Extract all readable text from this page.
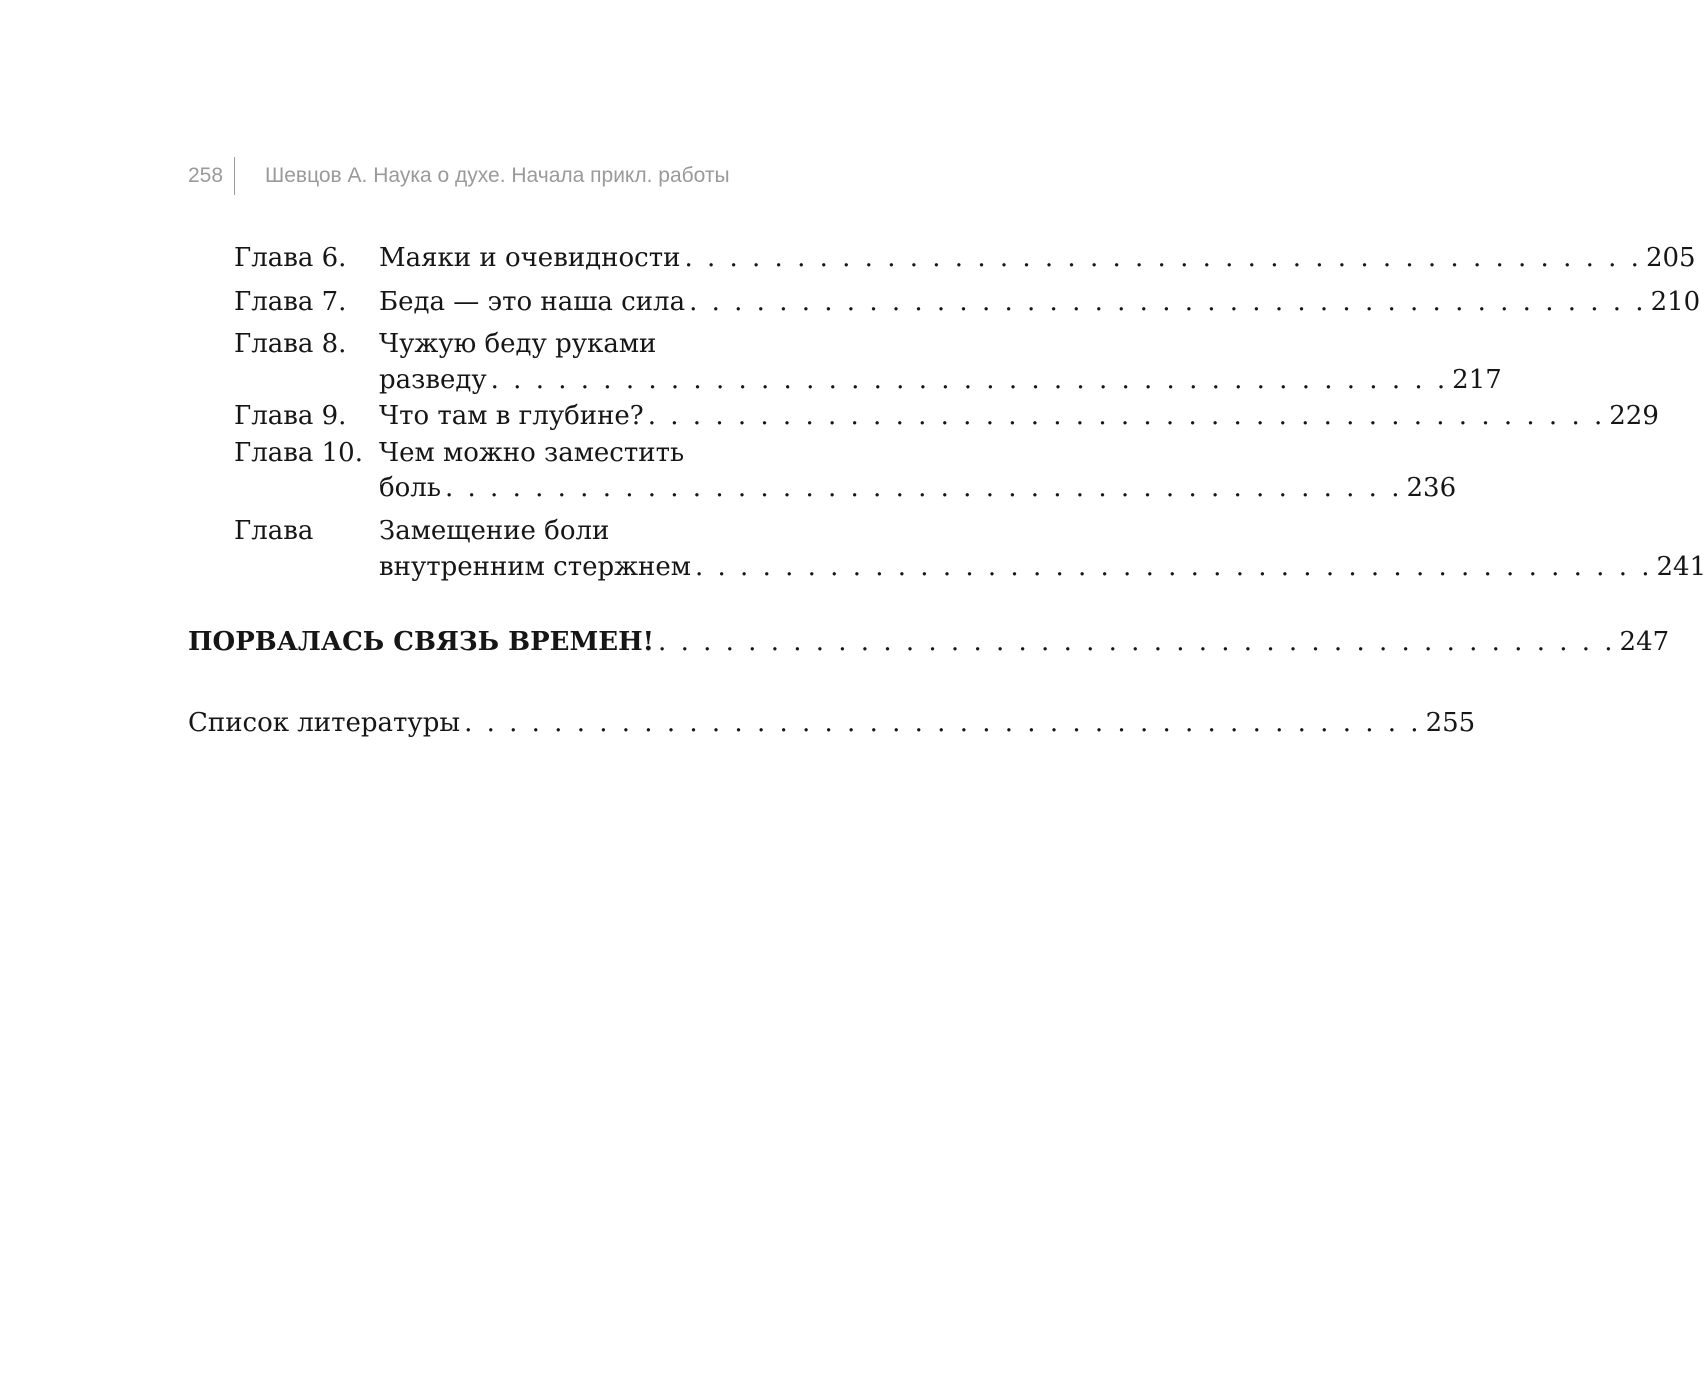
258	Шевцов А. Наука о духе. Начала прикл. работы
Глава 6. Маяки и очевидности . . . . . . . . . . . . . . . . . . . . . . . . . . . . . . . . . . . . . . . . . . . 205
Глава 7. Беда — это наша сила . . . . . . . . . . . . . . . . . . . . . . . . . . . . . . . . . . . . . . . . . . . 210
Глава 8. Чужую беду руками
разведу . . . . . . . . . . . . . . . . . . . . . . . . . . . . . . . . . . . . . . . . . . . 217
Глава 9. Что там в глубине? . . . . . . . . . . . . . . . . . . . . . . . . . . . . . . . . . . . . . . . . . . . 229
Глава 10. Чем можно заместить
боль . . . . . . . . . . . . . . . . . . . . . . . . . . . . . . . . . . . . . . . . . . . 236
Глава	Замещение боли
внутренним стержнем . . . . . . . . . . . . . . . . . . . . . . . . . . . . . . . . . . . . . . . . . . . 241
ПОРВАЛАСЬ СВЯЗЬ ВРЕМЕН! . . . . . . . . . . . . . . . . . . . . . . . . . . . . . . . . . . . . . . . . . . . 247
Список литературы . . . . . . . . . . . . . . . . . . . . . . . . . . . . . . . . . . . . . . . . . . . 255
